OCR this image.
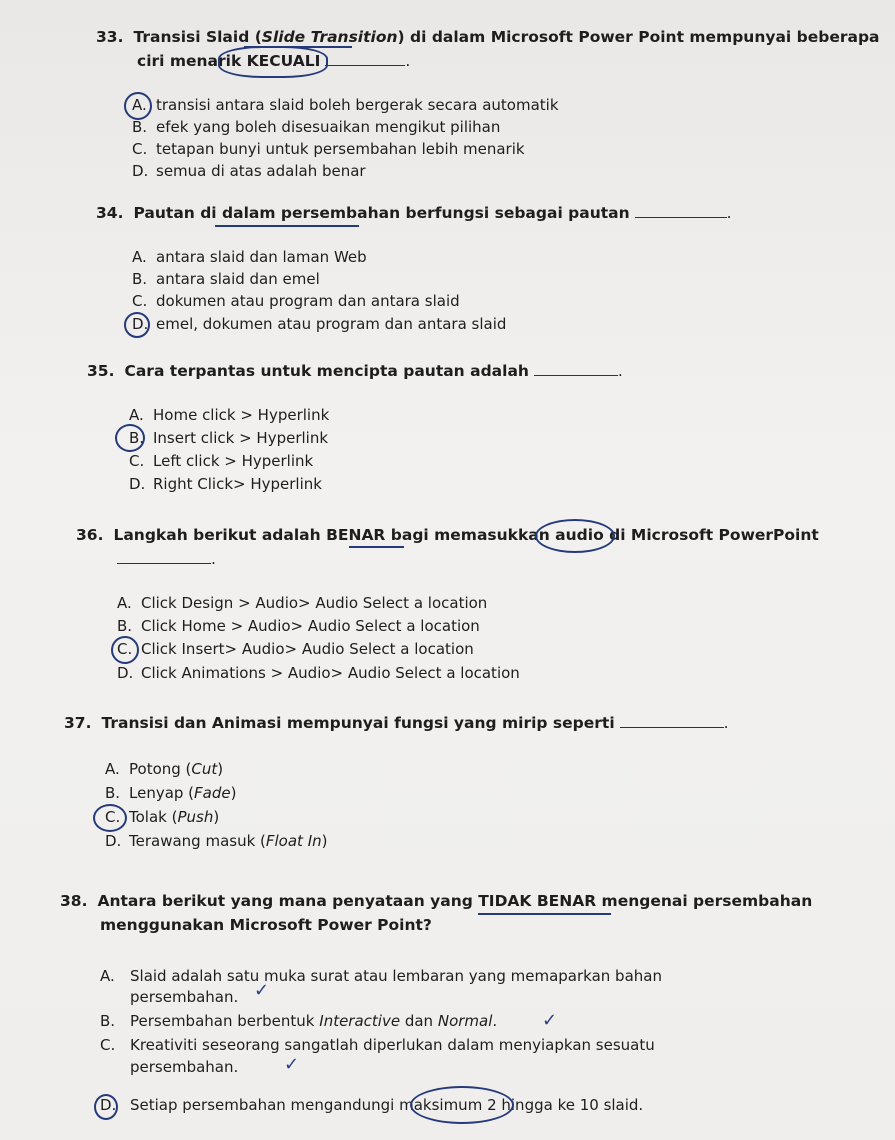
33. Transisi Slaid (Slide Transition) di dalam Microsoft Power Point mempunyai beberapa
ciri menarik KECUALI	.
A. transisi antara slaid boleh bergerak secara automatik
B. efek yang boleh disesuaikan mengikut pilihan
C. tetapan bunyi untuk persembahan lebih menarik
D. semua di atas adalah benar
34. Pautan di dalam persembahan berfungsi sebagai pautan	.
A. antara slaid dan laman Web
B. antara slaid dan emel
C. dokumen atau program dan antara slaid
D. emel, dokumen atau program dan antara slaid
35. Cara terpantas untuk mencipta pautan adalah	.
A. Home click > Hyperlink
B. Insert click > Hyperlink
C. Left click > Hyperlink
D. Right Click> Hyperlink
36. Langkah berikut adalah BENAR bagi memasukkan audio di Microsoft PowerPoint
.
A. Click Design > Audio> Audio Select a location
B. Click Home > Audio> Audio Select a location
C. Click Insert> Audio> Audio Select a location
D. Click Animations > Audio> Audio Select a location
37. Transisi dan Animasi mempunyai fungsi yang mirip seperti	.
A. Potong (Cut)
B. Lenyap (Fade)
C. Tolak (Push)
D. Terawang masuk (Float In)
38. Antara berikut yang mana penyataan yang TIDAK BENAR mengenai persembahan
menggunakan Microsoft Power Point?
A. Slaid adalah satu muka surat atau lembaran yang memaparkan bahan
persembahan. ✓
B. Persembahan berbentuk Interactive dan Normal. ✓
C. Kreativiti seseorang sangatlah diperlukan dalam menyiapkan sesuatu
persembahan.	✓
D. Setiap persembahan mengandungi maksimum 2 hingga ke 10 slaid.
